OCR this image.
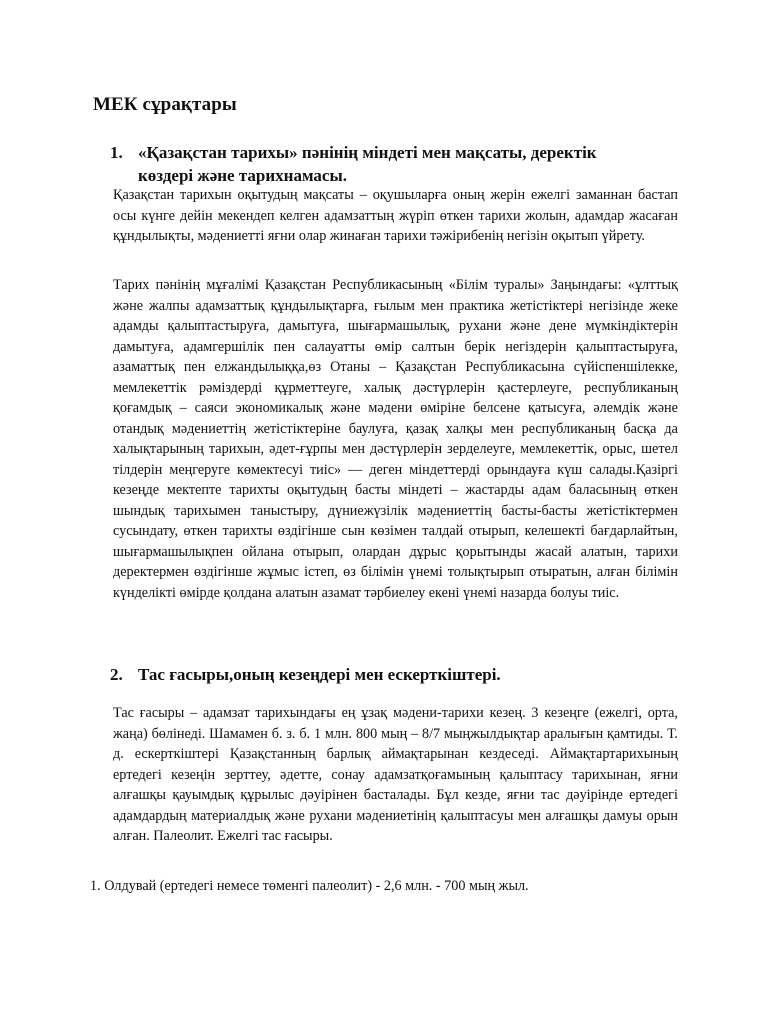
МЕК сұрақтары
1. «Қазақстан тарихы» пәнінің міндеті мен мақсаты, деректік
көздері және тарихнамасы.

Қазақстан тарихын оқытудың мақсаты – оқушыларға оның жерін ежелгі заманнан бастап осы күнге дейін мекендеп келген адамзаттың жүріп өткен тарихи жолын, адамдар жасаған құндылықты, мәдениетті яғни олар жинаған тарихи тәжірибенің негізін оқытып үйрету.

Тарих пәнінің мұғалімі Қазақстан Республикасының «Білім туралы» Заңындағы: «ұлттық және жалпы адамзаттық құндылықтарға, ғылым мен практика жетістіктері негізінде жеке адамды қалыптастыруға, дамытуға, шығармашылық, рухани және дене мүмкіндіктерін дамытуға, адамгершілік пен салауатты өмір салтын берік негіздерін қалыптастыруға, азаматтық пен елжандылыққа,өз Отаны – Қазақстан Республикасына сүйіспеншілекке, мемлекеттік рәміздерді құрметтеуге, халық дәстүрлерін қастерлеуге, республиканың қоғамдық – саяси экономикалық және мәдени өміріне белсене қатысуға, әлемдік және отандық мәдениеттің жетістіктеріне баулуға, қазақ халқы мен республиканың басқа да халықтарының тарихын, әдет-ғұрпы мен дәстүрлерін зерделеуге, мемлекеттік, орыс, шетел тілдерін меңгеруге көмектесуі тиіс» — деген міндеттерді орындауға күш салады.Қазіргі кезеңде мектепте тарихты оқытудың басты міндеті – жастарды адам баласының өткен шындық тарихымен таныстыру, дүниежүзілік мәдениеттің басты-басты жетістіктермен сусындату, өткен тарихты өздігінше сын көзімен талдай отырып, келешекті бағдарлайтын, шығармашылықпен ойлана отырып, олардан дұрыс қорытынды жасай алатын, тарихи деректермен өздігінше жұмыс істеп, өз білімін үнемі толықтырып отыратын, алған білімін күнделікті өмірде қолдана алатын азамат тәрбиелеу екені үнемі назарда болуы тиіс.

2. Тас ғасыры,оның кезеңдері мен ескерткіштері.

Тас ғасыры – адамзат тарихындағы ең ұзақ мәдени-тарихи кезең. 3 кезеңге (ежелгі, орта, жаңа) бөлінеді. Шамамен б. з. б. 1 млн. 800 мың – 8/7 мыңжылдықтар аралығын қамтиды. Т. д. ескерткіштері Қазақстанның барлық аймақтарынан кездеседі. Аймақтартарихының ертедегі кезеңін зерттеу, әдетте, сонау адамзатқоғамының қалыптасу тарихынан, яғни алғашқы қауымдық құрылыс дәуірінен басталады. Бұл кезде, яғни тас дәуірінде ертедегі адамдардың материалдық және рухани мәдениетінің қалыптасуы мен алғашқы дамуы орын алған. Палеолит. Ежелгі тас ғасыры.

1. Олдувай (ертедегі немесе төменгі палеолит) - 2,6 млн. - 700 мың жыл.
